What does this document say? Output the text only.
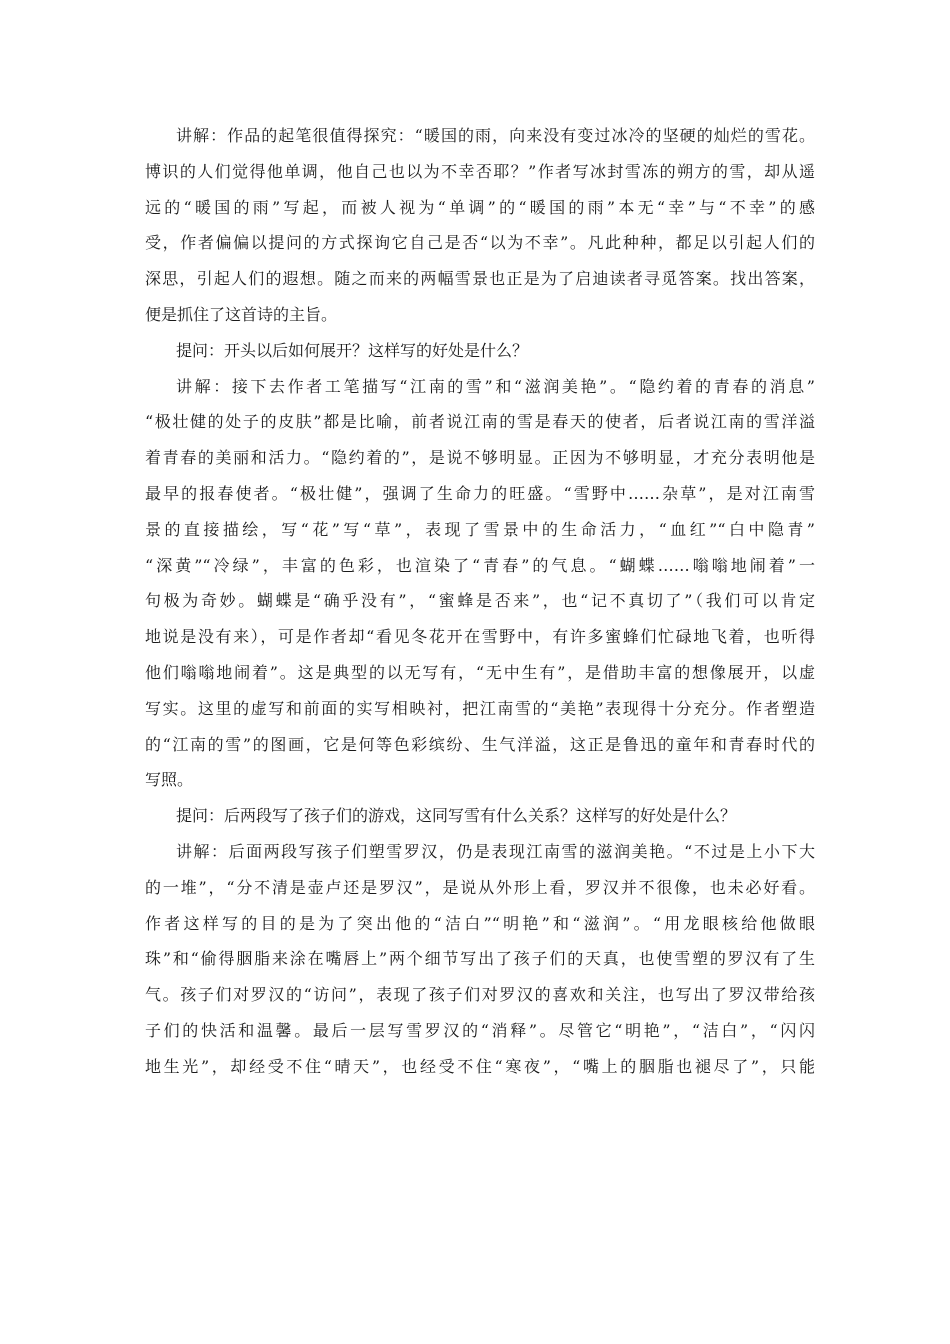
讲解：作品的起笔很值得探究：“暖国的雨，向来没有变过冰冷的坚硬的灿烂的雪花。
博识的人们觉得他单调，他自己也以为不幸否耶？”作者写冰封雪冻的朔方的雪，却从遥
远的“暖国的雨”写起，而被人视为“单调”的“暖国的雨”本无“幸”与“不幸”的感
受，作者偏偏以提问的方式探询它自己是否“以为不幸”。凡此种种，都足以引起人们的
深思，引起人们的遐想。随之而来的两幅雪景也正是为了启迪读者寻觅答案。找出答案，
便是抓住了这首诗的主旨。
提问：开头以后如何展开？这样写的好处是什么？
讲解：接下去作者工笔描写“江南的雪”和“滋润美艳”。“隐约着的青春的消息”
“极壮健的处子的皮肤”都是比喻，前者说江南的雪是春天的使者，后者说江南的雪洋溢
着青春的美丽和活力。“隐约着的”，是说不够明显。正因为不够明显，才充分表明他是
最早的报春使者。“极壮健”，强调了生命力的旺盛。“雪野中……杂草”，是对江南雪
景的直接描绘，写“花”写“草”，表现了雪景中的生命活力，“血红”“白中隐青”
“深黄”“冷绿”，丰富的色彩，也渲染了“青春”的气息。“蝴蝶……嗡嗡地闹着”一
句极为奇妙。蝴蝶是“确乎没有”，“蜜蜂是否来”，也“记不真切了”（我们可以肯定
地说是没有来），可是作者却“看见冬花开在雪野中，有许多蜜蜂们忙碌地飞着，也听得
他们嗡嗡地闹着”。这是典型的以无写有，“无中生有”，是借助丰富的想像展开，以虚
写实。这里的虚写和前面的实写相映衬，把江南雪的“美艳”表现得十分充分。作者塑造
的“江南的雪”的图画，它是何等色彩缤纷、生气洋溢，这正是鲁迅的童年和青春时代的
写照。
提问：后两段写了孩子们的游戏，这同写雪有什么关系？这样写的好处是什么？
讲解：后面两段写孩子们塑雪罗汉，仍是表现江南雪的滋润美艳。“不过是上小下大
的一堆”，“分不清是壶卢还是罗汉”，是说从外形上看，罗汉并不很像，也未必好看。
作者这样写的目的是为了突出他的“洁白”“明艳”和“滋润”。“用龙眼核给他做眼
珠”和“偷得胭脂来涂在嘴唇上”两个细节写出了孩子们的天真，也使雪塑的罗汉有了生
气。孩子们对罗汉的“访问”，表现了孩子们对罗汉的喜欢和关注，也写出了罗汉带给孩
子们的快活和温馨。最后一层写雪罗汉的“消释”。尽管它“明艳”，“洁白”，“闪闪
地生光”，却经受不住“晴天”，也经受不住“寒夜”，“嘴上的胭脂也褪尽了”，只能
